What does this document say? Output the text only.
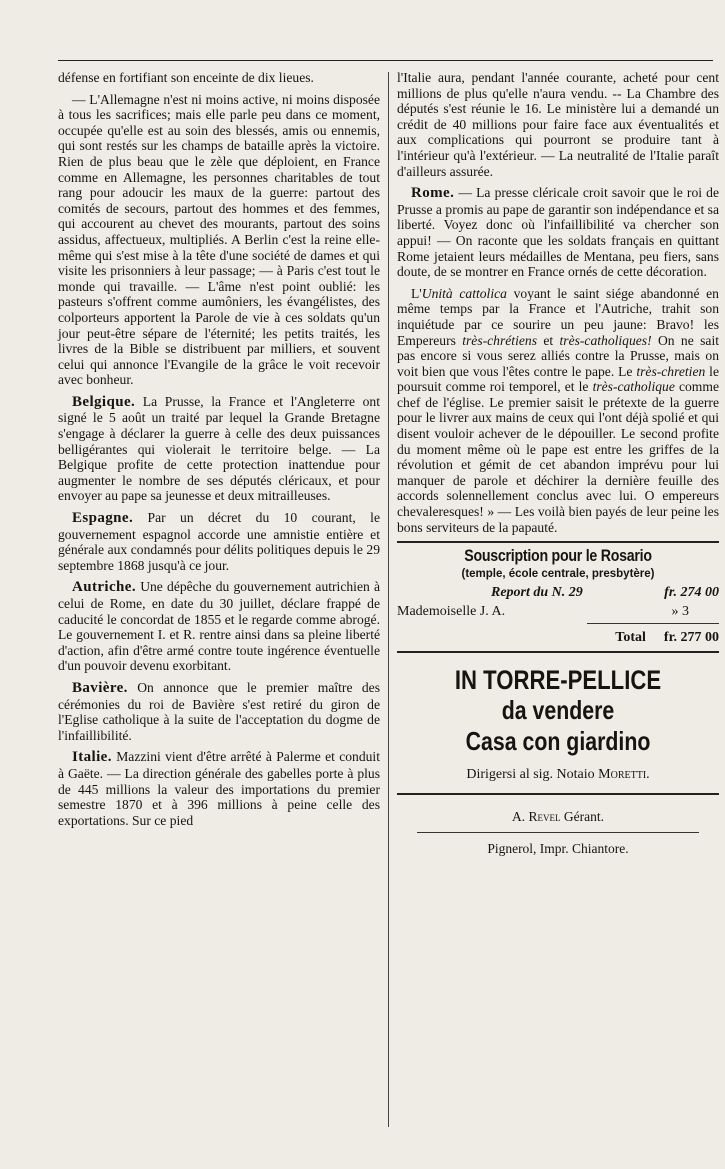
défense en fortifiant son enceinte de dix lieues.

— L'Allemagne n'est ni moins active, ni moins disposée à tous les sacrifices; mais elle parle peu dans ce moment, occupée qu'elle est au soin des blessés, amis ou ennemis, qui sont restés sur les champs de bataille après la victoire. Rien de plus beau que le zèle que déploient, en France comme en Allemagne, les personnes charitables de tout rang pour adoucir les maux de la guerre: partout des comités de secours, partout des hommes et des femmes, qui accourent au chevet des mourants, partout des soins assidus, affectueux, multipliés. A Berlin c'est la reine elle-même qui s'est mise à la tête d'une société de dames et qui visite les prisonniers à leur passage; — à Paris c'est tout le monde qui travaille. — L'âme n'est point oublié: les pasteurs s'offrent comme aumôniers, les évangélistes, des colporteurs apportent la Parole de vie à ces soldats qu'un jour peut-être sépare de l'éternité; les petits traités, les livres de la Bible se distribuent par milliers, et souvent celui qui annonce l'Evangile de la grâce le voit recevoir avec bonheur.

Belgique. La Prusse, la France et l'Angleterre ont signé le 5 août un traité par lequel la Grande Bretagne s'engage à déclarer la guerre à celle des deux puissances belligérantes qui violerait le territoire belge. — La Belgique profite de cette protection inattendue pour augmenter le nombre de ses députés cléricaux, et pour envoyer au pape sa jeunesse et deux mitrailleuses.

Espagne. Par un décret du 10 courant, le gouvernement espagnol accorde une amnistie entière et générale aux condamnés pour délits politiques depuis le 29 septembre 1868 jusqu'à ce jour.

Autriche. Une dépêche du gouvernement autrichien à celui de Rome, en date du 30 juillet, déclare frappé de caducité le concordat de 1855 et le regarde comme abrogé. Le gouvernement I. et R. rentre ainsi dans sa pleine liberté d'action, afin d'être armé contre toute ingérence éventuelle d'un pouvoir devenu exorbitant.

Bavière. On annonce que le premier maître des cérémonies du roi de Bavière s'est retiré du giron de l'Eglise catholique à la suite de l'acceptation du dogme de l'infaillibilité.

Italie. Mazzini vient d'être arrêté à Palerme et conduit à Gaëte. — La direction générale des gabelles porte à plus de 445 millions la valeur des importations du premier semestre 1870 et à 396 millions à peine celle des exportations. Sur ce pied

l'Italie aura, pendant l'année courante, acheté pour cent millions de plus qu'elle n'aura vendu. -- La Chambre des députés s'est réunie le 16. Le ministère lui a demandé un crédit de 40 millions pour faire face aux éventualités et aux complications qui pourront se produire tant à l'intérieur qu'à l'extérieur. — La neutralité de l'Italie paraît d'ailleurs assurée.

Rome. — La presse cléricale croit savoir que le roi de Prusse a promis au pape de garantir son indépendance et sa liberté. Voyez donc où l'infaillibilité va chercher son appui! — On raconte que les soldats français en quittant Rome jetaient leurs médailles de Mentana, peu fiers, sans doute, de se montrer en France ornés de cette décoration.

L'Unità cattolica voyant le saint siége abandonné en même temps par la France et l'Autriche, trahit son inquiétude par ce sourire un peu jaune: Bravo! les Empereurs très-chrétiens et très-catholiques! On ne sait pas encore si vous serez alliés contre la Prusse, mais on voit bien que vous l'êtes contre le pape. Le très-chretien le poursuit comme roi temporel, et le très-catholique comme chef de l'église. Le premier saisit le prétexte de la guerre pour le livrer aux mains de ceux qui l'ont déjà spolié et qui disent vouloir achever de le dépouiller. Le second profite du moment même où le pape est entre les griffes de la révolution et gémit de cet abandon imprévu pour lui manquer de parole et déchirer la dernière feuille des accords solennellement conclus avec lui. O empereurs chevaleresques! » — Les voilà bien payés de leur peine les bons serviteurs de la papauté.

Souscription pour le Rosario
(temple, école centrale, presbytère)
Report du N. 29	fr. 274 00
Mademoiselle J. A.	» 3
Total fr. 277 00
IN TORRE-PELLICE
da vendere
Casa con giardino
Dirigersi al sig. Notaio Moretti.
A. Revel Gérant.
Pignerol, Impr. Chiantore.
